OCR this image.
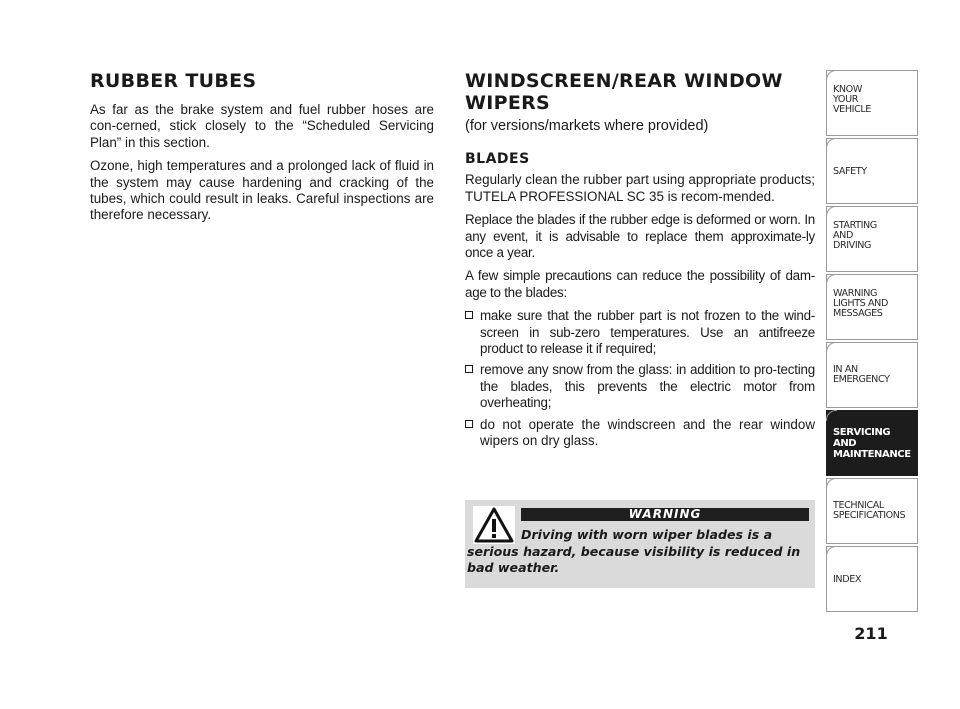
RUBBER TUBES

As far as the brake system and fuel rubber hoses are con-cerned, stick closely to the “Scheduled Servicing Plan” in this section.

Ozone, high temperatures and a prolonged lack of fluid in the system may cause hardening and cracking of the tubes, which could result in leaks. Careful inspections are therefore necessary.

WINDSCREEN/REAR WINDOW
WIPERS

(for versions/markets where provided)

BLADES

Regularly clean the rubber part using appropriate products; TUTELA PROFESSIONAL SC 35 is recom-mended.

Replace the blades if the rubber edge is deformed or worn. In any event, it is advisable to replace them approximate-ly once a year.

A few simple precautions can reduce the possibility of dam-age to the blades:

make sure that the rubber part is not frozen to the wind-screen in sub-zero temperatures. Use an antifreeze product to release it if required;
remove any snow from the glass: in addition to pro-tecting the blades, this prevents the electric motor from overheating;
do not operate the windscreen and the rear window wipers on dry glass.
WARNING
Driving with worn wiper blades is a serious hazard, because visibility is reduced in bad weather.
KNOW
YOUR
VEHICLE
SAFETY
STARTING
AND
DRIVING
WARNING
LIGHTS AND
MESSAGES
IN AN
EMERGENCY
SERVICING
AND
MAINTENANCE
TECHNICAL
SPECIFICATIONS
INDEX
211
